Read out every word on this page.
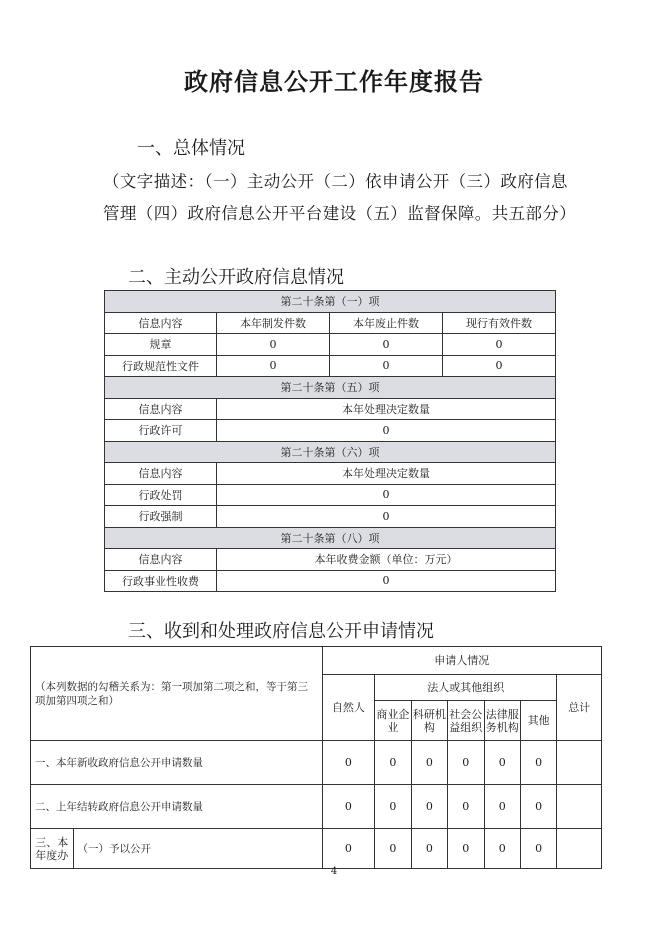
政府信息公开工作年度报告
一、总体情况

（文字描述：（一）主动公开（二）依申请公开（三）政府信息管理（四）政府信息公开平台建设（五）监督保障。共五部分）

二、主动公开政府信息情况
第二十条第（一）项			
信息内容	本年制发件数	本年废止件数	现行有效件数
规章	0	0	0
行政规范性文件	0	0	0
第二十条第（五）项			
信息内容	本年处理决定数量		
行政许可	0		
第二十条第（六）项			
信息内容	本年处理决定数量		
行政处罚	0		
行政强制	0		
第二十条第（八）项			
信息内容	本年收费金额（单位：万元）		
行政事业性收费	0		
三、收到和处理政府信息公开申请情况
（本列数据的勾稽关系为：第一项加第二项之和，等于第三项加第四项之和）		申请人情况						
		自然人	法人或其他组织					总计
			商业企业	科研机构	社会公益组织	法律服务机构	其他	
一、本年新收政府信息公开申请数量		0	0	0	0	0	0	
二、上年结转政府信息公开申请数量		0	0	0	0	0	0	
三、本年度办	（一）予以公开	0	0	0	0	0	0	

4
